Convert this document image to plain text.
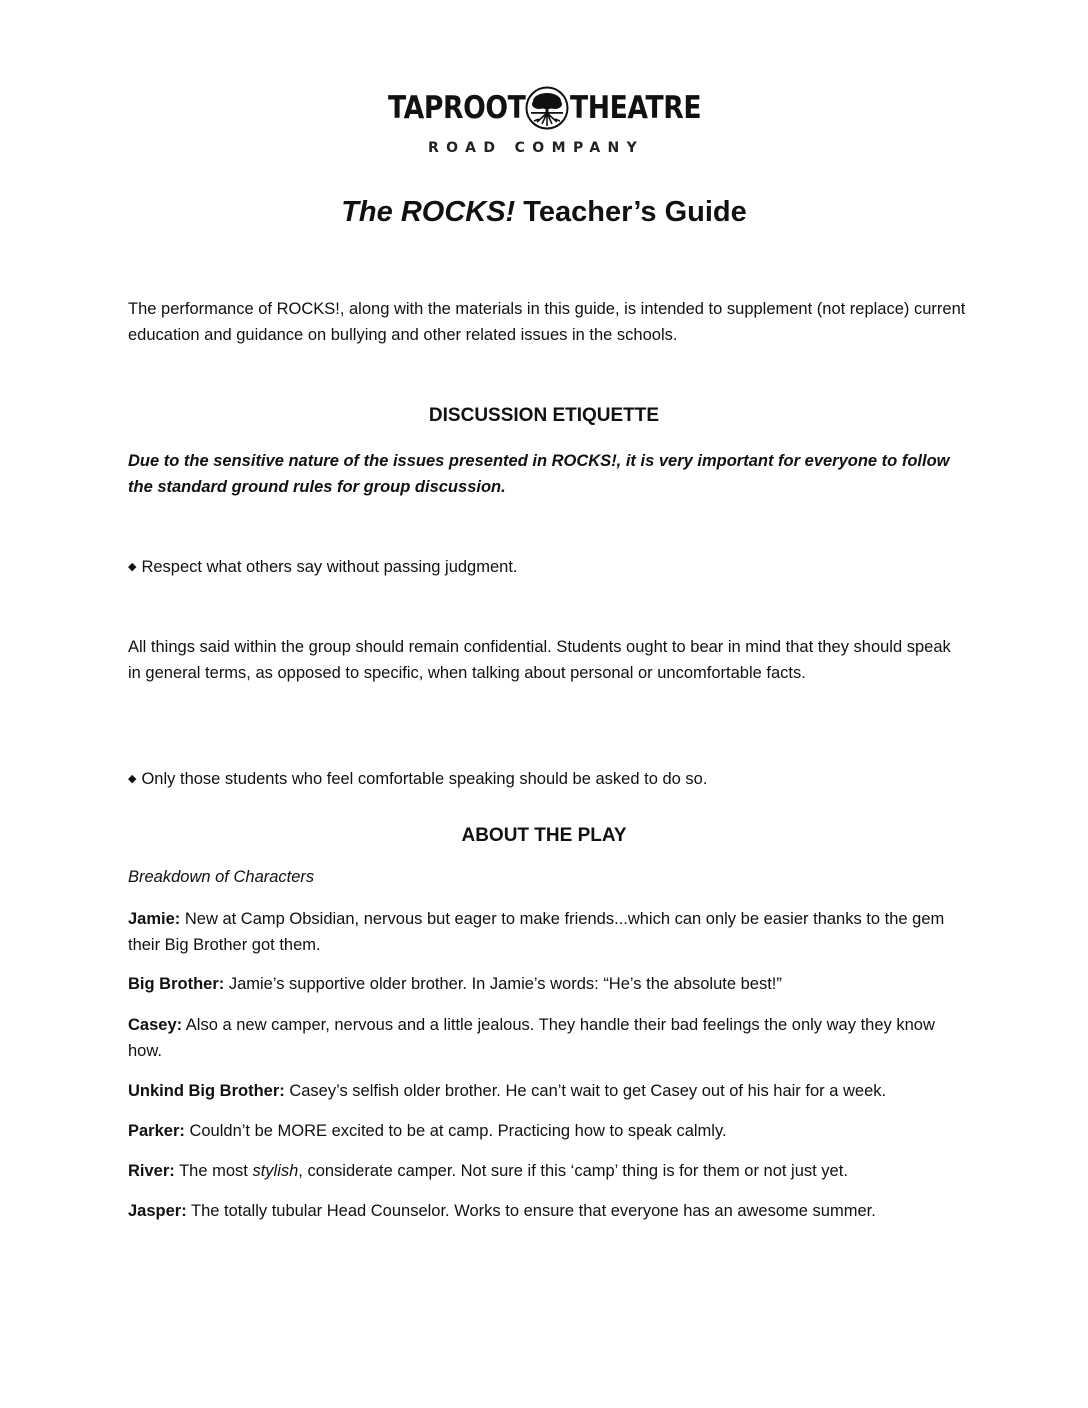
TAPROOT THEATRE
ROAD COMPANY
The ROCKS! Teacher’s Guide

The performance of ROCKS!, along with the materials in this guide, is intended to supplement (not replace) current education and guidance on bullying and other related issues in the schools.

DISCUSSION ETIQUETTE

Due to the sensitive nature of the issues presented in ROCKS!, it is very important for everyone to follow the standard ground rules for group discussion.

◆ Respect what others say without passing judgment.

All things said within the group should remain confidential. Students ought to bear in mind that they should speak in general terms, as opposed to specific, when talking about personal or uncomfortable facts.

◆ Only those students who feel comfortable speaking should be asked to do so.

ABOUT THE PLAY

Breakdown of Characters

Jamie: New at Camp Obsidian, nervous but eager to make friends...which can only be easier thanks to the gem their Big Brother got them.

Big Brother: Jamie’s supportive older brother. In Jamie’s words: “He’s the absolute best!”

Casey: Also a new camper, nervous and a little jealous. They handle their bad feelings the only way they know how.

Unkind Big Brother: Casey’s selfish older brother. He can’t wait to get Casey out of his hair for a week.

Parker: Couldn’t be MORE excited to be at camp. Practicing how to speak calmly.

River: The most stylish, considerate camper. Not sure if this ‘camp’ thing is for them or not just yet.

Jasper: The totally tubular Head Counselor. Works to ensure that everyone has an awesome summer.
